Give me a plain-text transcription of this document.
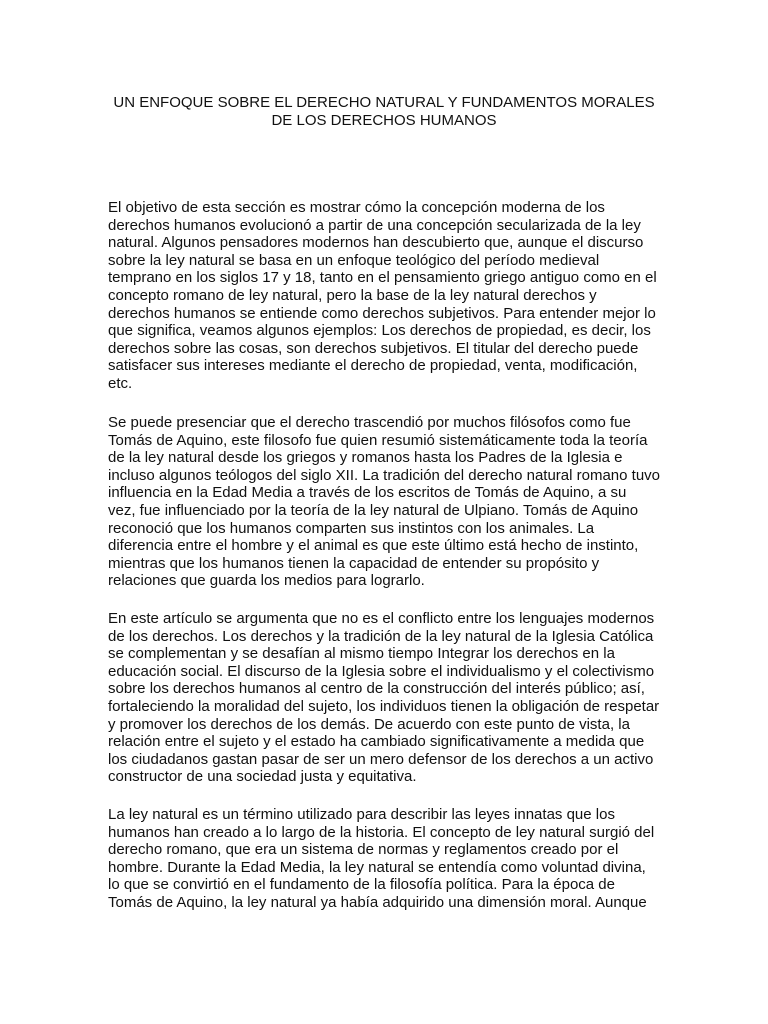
UN ENFOQUE SOBRE EL DERECHO NATURAL Y FUNDAMENTOS MORALES
DE LOS DERECHOS HUMANOS

El objetivo de esta sección es mostrar cómo la concepción moderna de los
derechos humanos evolucionó a partir de una concepción secularizada de la ley
natural. Algunos pensadores modernos han descubierto que, aunque el discurso
sobre la ley natural se basa en un enfoque teológico del período medieval
temprano en los siglos 17 y 18, tanto en el pensamiento griego antiguo como en el
concepto romano de ley natural, pero la base de la ley natural derechos y
derechos humanos se entiende como derechos subjetivos. Para entender mejor lo
que significa, veamos algunos ejemplos: Los derechos de propiedad, es decir, los
derechos sobre las cosas, son derechos subjetivos. El titular del derecho puede
satisfacer sus intereses mediante el derecho de propiedad, venta, modificación,
etc.

Se puede presenciar que el derecho trascendió por muchos filósofos como fue
Tomás de Aquino, este filosofo fue quien resumió sistemáticamente toda la teoría
de la ley natural desde los griegos y romanos hasta los Padres de la Iglesia e
incluso algunos teólogos del siglo XII. La tradición del derecho natural romano tuvo
influencia en la Edad Media a través de los escritos de Tomás de Aquino, a su
vez, fue influenciado por la teoría de la ley natural de Ulpiano. Tomás de Aquino
reconoció que los humanos comparten sus instintos con los animales. La
diferencia entre el hombre y el animal es que este último está hecho de instinto,
mientras que los humanos tienen la capacidad de entender su propósito y
relaciones que guarda los medios para lograrlo.

En este artículo se argumenta que no es el conflicto entre los lenguajes modernos
de los derechos. Los derechos y la tradición de la ley natural de la Iglesia Católica
se complementan y se desafían al mismo tiempo Integrar los derechos en la
educación social. El discurso de la Iglesia sobre el individualismo y el colectivismo
sobre los derechos humanos al centro de la construcción del interés público; así,
fortaleciendo la moralidad del sujeto, los individuos tienen la obligación de respetar
y promover los derechos de los demás. De acuerdo con este punto de vista, la
relación entre el sujeto y el estado ha cambiado significativamente a medida que
los ciudadanos gastan pasar de ser un mero defensor de los derechos a un activo
constructor de una sociedad justa y equitativa.

La ley natural es un término utilizado para describir las leyes innatas que los
humanos han creado a lo largo de la historia. El concepto de ley natural surgió del
derecho romano, que era un sistema de normas y reglamentos creado por el
hombre. Durante la Edad Media, la ley natural se entendía como voluntad divina,
lo que se convirtió en el fundamento de la filosofía política. Para la época de
Tomás de Aquino, la ley natural ya había adquirido una dimensión moral. Aunque
